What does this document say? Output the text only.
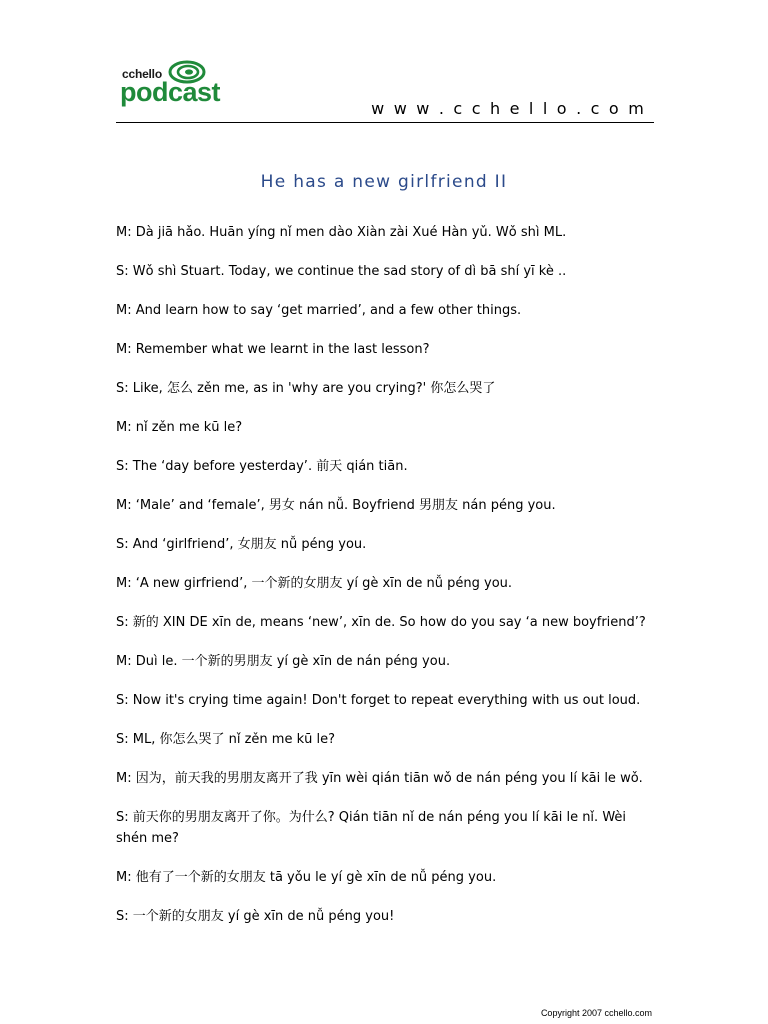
cchello
podcast
w w w . c c h e l l o . c o m
He has a new girlfriend II
M: Dà jiā hǎo. Huān yíng nǐ men dào Xiàn zài Xué Hàn yǔ. Wǒ shì ML.
S: Wǒ shì Stuart. Today, we continue the sad story of dì bā shí yī kè ..
M: And learn how to say ‘get married’, and a few other things.
M: Remember what we learnt in the last lesson?
S: Like, 怎么 zěn me, as in 'why are you crying?' 你怎么哭了
M: nǐ zěn me kū le?
S: The ‘day before yesterday’. 前天 qián tiān.
M: ‘Male’ and ‘female’, 男女 nán nǚ. Boyfriend 男朋友 nán péng you.
S: And ‘girlfriend’, 女朋友 nǚ péng you.
M: ‘A new girfriend’, 一个新的女朋友 yí gè xīn de nǚ péng you.
S: 新的 XIN DE xīn de, means ‘new’, xīn de. So how do you say ‘a new boyfriend’?
M: Duì le. 一个新的男朋友 yí gè xīn de nán péng you.
S: Now it's crying time again! Don't forget to repeat everything with us out loud.
S: ML, 你怎么哭了 nǐ zěn me kū le?
M: 因为，前天我的男朋友离开了我 yīn wèi qián tiān wǒ de nán péng you lí kāi le wǒ.
S: 前天你的男朋友离开了你。为什么? Qián tiān nǐ de nán péng you lí kāi le nǐ. Wèi shén me?
M: 他有了一个新的女朋友 tā yǒu le yí gè xīn de nǚ péng you.
S: 一个新的女朋友 yí gè xīn de nǚ péng you!
Copyright 2007 cchello.com
